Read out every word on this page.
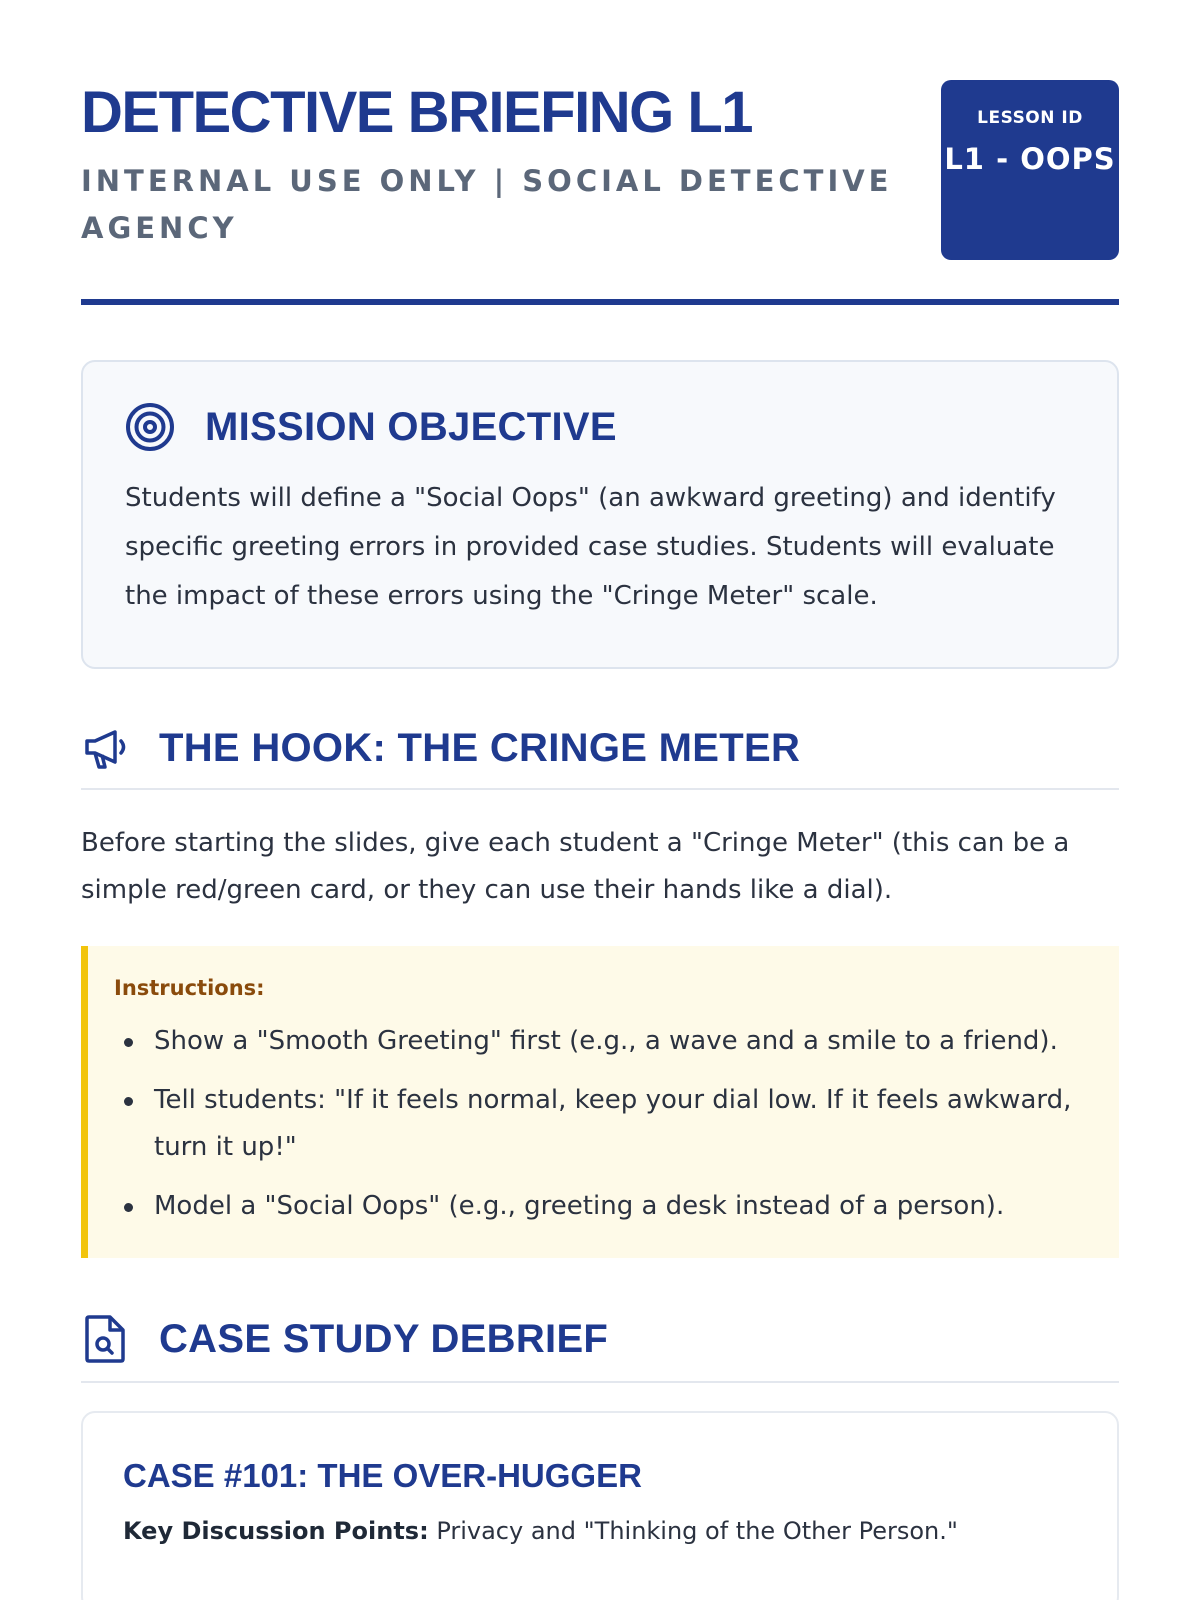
DETECTIVE BRIEFING L1
INTERNAL USE ONLY | SOCIAL DETECTIVE AGENCY
LESSON ID
L1 - OOPS
MISSION OBJECTIVE

Students will define a "Social Oops" (an awkward greeting) and identify specific greeting errors in provided case studies. Students will evaluate the impact of these errors using the "Cringe Meter" scale.

THE HOOK: THE CRINGE METER

Before starting the slides, give each student a "Cringe Meter" (this can be a simple red/green card, or they can use their hands like a dial).

Instructions:
Show a "Smooth Greeting" first (e.g., a wave and a smile to a friend).
Tell students: "If it feels normal, keep your dial low. If it feels awkward, turn it up!"
Model a "Social Oops" (e.g., greeting a desk instead of a person).
CASE STUDY DEBRIEF
CASE #101: THE OVER-HUGGER

Key Discussion Points: Privacy and "Thinking of the Other Person."
